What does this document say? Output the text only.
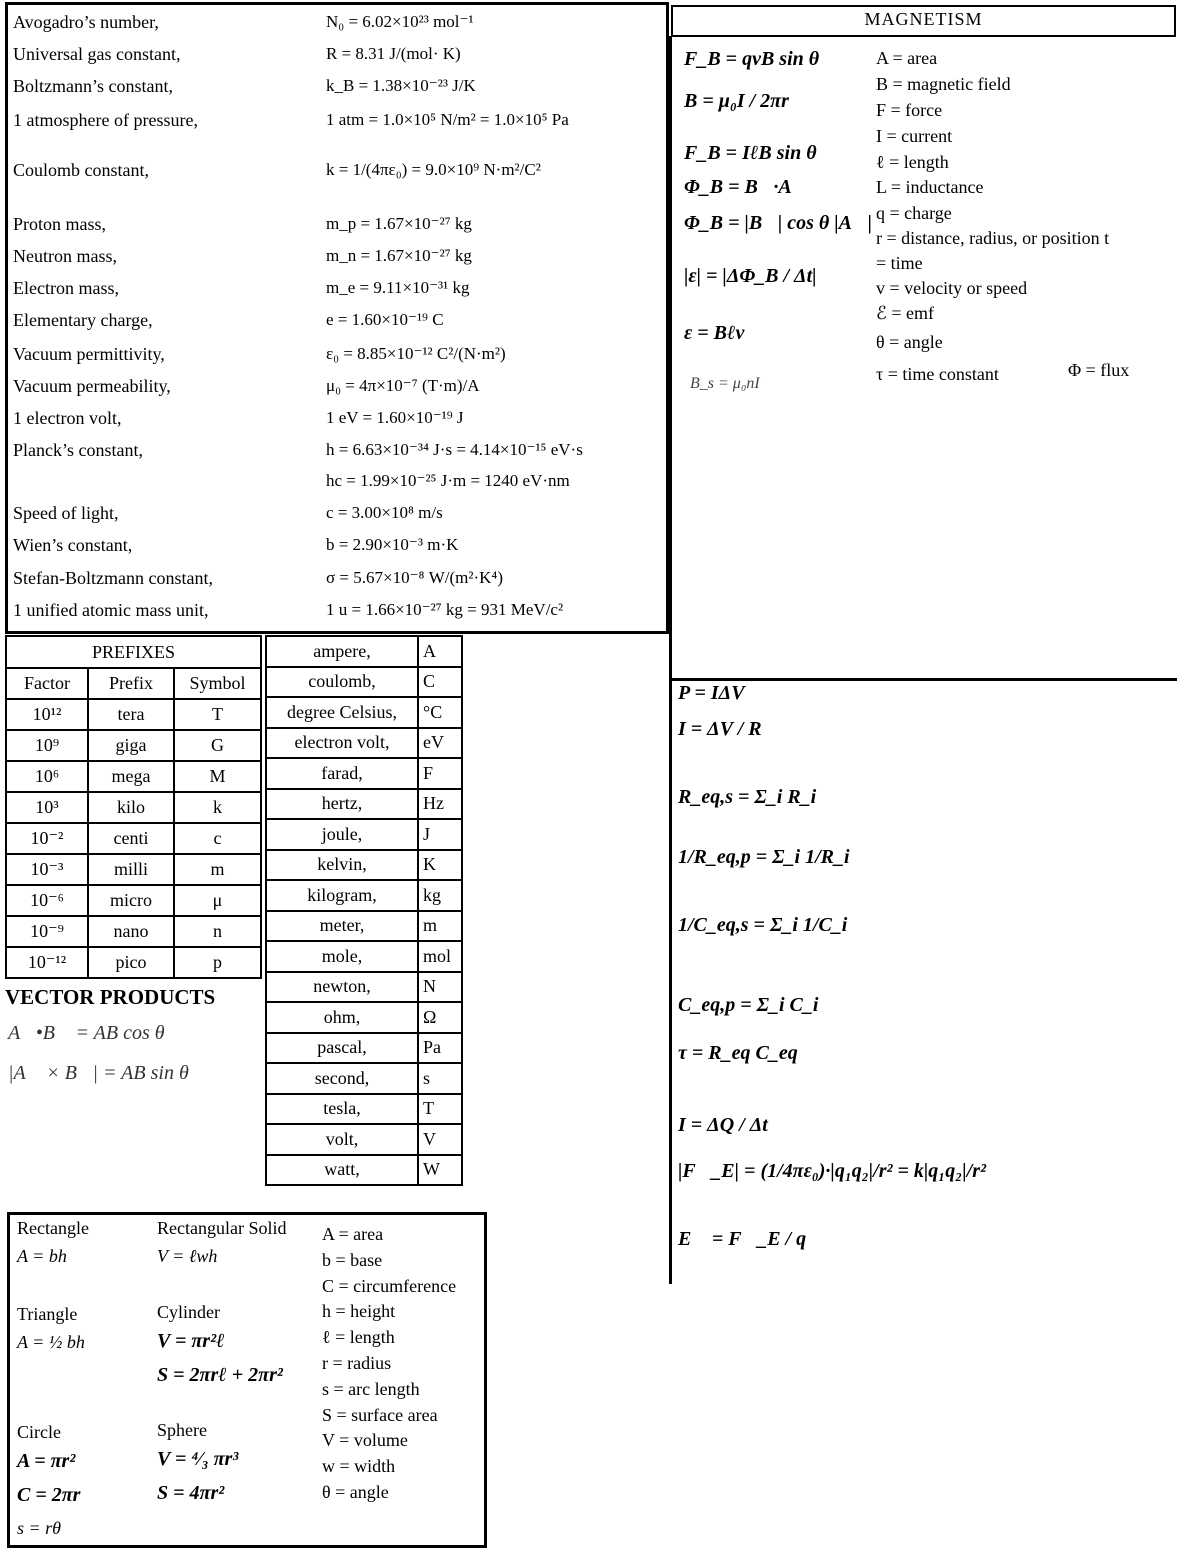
Avogadro’s number,	N₀ = 6.02×10²³ mol⁻¹
Universal gas constant,	R = 8.31 J/(mol· K)
Boltzmann’s constant,	k_B = 1.38×10⁻²³ J/K
1 atmosphere of pressure,	1 atm = 1.0×10⁵ N/m² = 1.0×10⁵ Pa
Coulomb constant,	k = 1/(4πε₀) = 9.0×10⁹ N·m²/C²
Proton mass,	m_p = 1.67×10⁻²⁷ kg
Neutron mass,	m_n = 1.67×10⁻²⁷ kg
Electron mass,	m_e = 9.11×10⁻³¹ kg
Elementary charge,	e = 1.60×10⁻¹⁹ C
Vacuum permittivity,	ε₀ = 8.85×10⁻¹² C²/(N·m²)
Vacuum permeability,	μ₀ = 4π×10⁻⁷ (T·m)/A
1 electron volt,	1 eV = 1.60×10⁻¹⁹ J
Planck’s constant,	h = 6.63×10⁻³⁴ J·s = 4.14×10⁻¹⁵ eV·s
hc = 1.99×10⁻²⁵ J·m = 1240 eV·nm
Speed of light,	c = 3.00×10⁸ m/s
Wien’s constant,	b = 2.90×10⁻³ m·K
Stefan-Boltzmann constant,	σ = 5.67×10⁻⁸ W/(m²·K⁴)
1 unified atomic mass unit,	1 u = 1.66×10⁻²⁷ kg = 931 MeV/c²
MAGNETISM
F_B = qvB sin θ
B = μ₀I / 2πr
F_B = IℓB sin θ
Φ_B = B⃗·A⃗
Φ_B = |B⃗| cos θ |A⃗|
|ε| = |ΔΦ_B / Δt|
ε = Bℓv
B_s = μ₀nI
A = area
B = magnetic field
F = force
I = current
ℓ = length
L = inductance
q = charge
r = distance, radius, or position t
= time
v = velocity or speed
ℰ = emf
θ = angle
τ = time constant	Φ = flux
P = IΔV
I = ΔV / R
R_eq,s = Σ_i R_i
1/R_eq,p = Σ_i 1/R_i
1/C_eq,s = Σ_i 1/C_i
C_eq,p = Σ_i C_i
τ = R_eq C_eq
I = ΔQ / Δt
|F⃗_E| = (1/4πε₀)·|q₁q₂|/r² = k|q₁q₂|/r²
E⃗ = F⃗_E / q
PREFIXES		
Factor	Prefix	Symbol
10¹²	tera	T
10⁹	giga	G
10⁶	mega	M
10³	kilo	k
10⁻²	centi	c
10⁻³	milli	m
10⁻⁶	micro	μ
10⁻⁹	nano	n
10⁻¹²	pico	p
ampere,	A
coulomb,	C
degree Celsius,	°C
electron volt,	eV
farad,	F
hertz,	Hz
joule,	J
kelvin,	K
kilogram,	kg
meter,	m
mole,	mol
newton,	N
ohm,	Ω
pascal,	Pa
second,	s
tesla,	T
volt,	V
watt,	W
VECTOR PRODUCTS
A⃗•B⃗ = AB cos θ
|A⃗ × B⃗| = AB sin θ
Rectangle
A = bh
Rectangular Solid
V = ℓwh
Triangle
A = ½ bh
Cylinder
V = πr²ℓ
S = 2πrℓ + 2πr²
Circle
A = πr²
C = 2πr
s = rθ
Sphere
V = ⁴⁄₃ πr³
S = 4πr²
A = area
b = base
C = circumference
h = height
ℓ = length
r = radius
s = arc length
S = surface area
V = volume
w = width
θ = angle
